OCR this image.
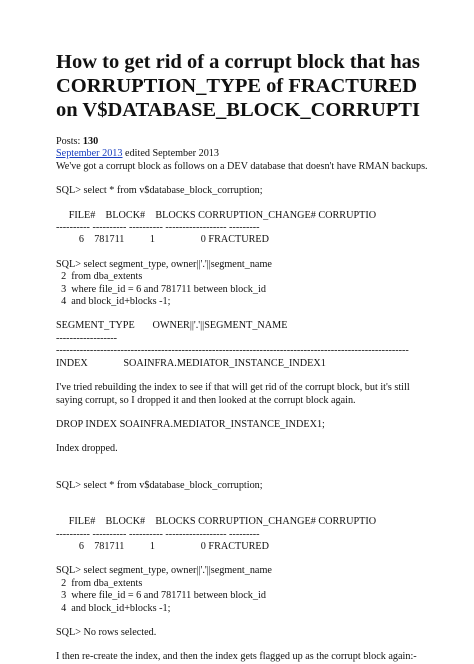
How to get rid of a corrupt block that has
CORRUPTION_TYPE of FRACTURED
on V$DATABASE_BLOCK_CORRUPTI
Posts: 130
September 2013 edited September 2013
We've got a corrupt block as follows on a DEV database that doesn't have RMAN backups.
SQL> select * from v$database_block_corruption;
FILE#    BLOCK#    BLOCKS CORRUPTION_CHANGE# CORRUPTIO
---------- ---------- ---------- ------------------ ---------
6    781711          1                  0 FRACTURED
SQL> select segment_type, owner||'.'||segment_name
2  from dba_extents
3  where file_id = 6 and 781711 between block_id
4  and block_id+blocks -1;
SEGMENT_TYPE       OWNER||'.'||SEGMENT_NAME
------------------
--------------------------------------------------------------------------------------------------------
INDEX              SOAINFRA.MEDIATOR_INSTANCE_INDEX1
I've tried rebuilding the index to see if that will get rid of the corrupt block, but it's still saying corrupt, so I dropped it and then looked at the corrupt block again.
DROP INDEX SOAINFRA.MEDIATOR_INSTANCE_INDEX1;
Index dropped.
SQL> select * from v$database_block_corruption;
FILE#    BLOCK#    BLOCKS CORRUPTION_CHANGE# CORRUPTIO
---------- ---------- ---------- ------------------ ---------
6    781711          1                  0 FRACTURED
SQL> select segment_type, owner||'.'||segment_name
2  from dba_extents
3  where file_id = 6 and 781711 between block_id
4  and block_id+blocks -1;
SQL> No rows selected.
I then re-create the index, and then the index gets flagged up as the corrupt block again:-
